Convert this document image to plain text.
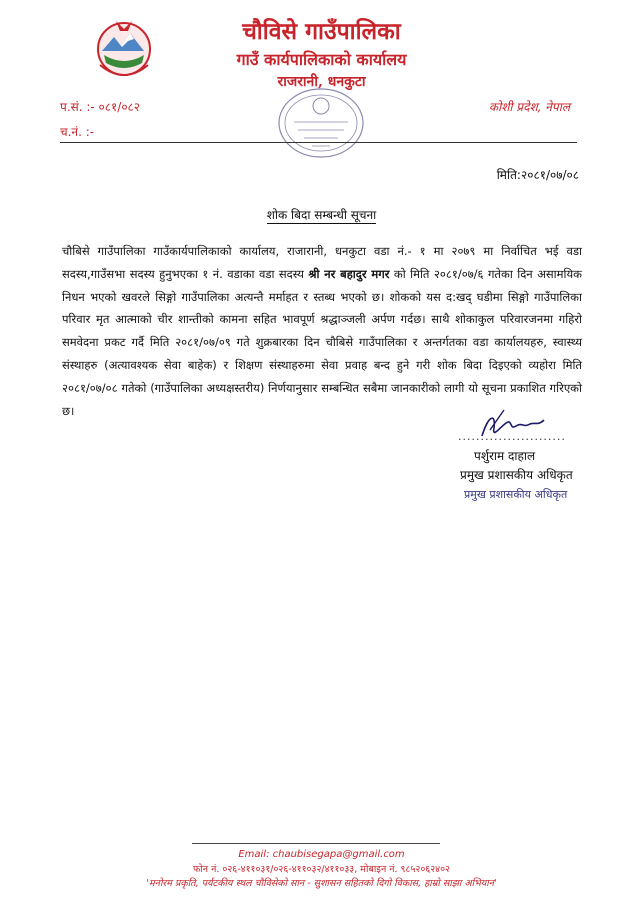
चौविसे गाउँपालिका
गाउँ कार्यपालिकाको कार्यालय
राजरानी, धनकुटा
प.सं. :- ०८१/०८२
च.नं. :-
कोशी प्रदेश, नेपाल
मिति:२०८१/०७/०८
शोक बिदा सम्बन्धी सूचना
चौबिसे गाउँपालिका गाउँकार्यपालिकाको कार्यालय, राजारानी, धनकुटा वडा नं.- १ मा २०७९ मा निर्वाचित भई वडा सदस्य,गाउँसभा सदस्य हुनुभएका १ नं. वडाका वडा सदस्य श्री नर बहादुर मगर को मिति २०८१/०७/६ गतेका दिन असामयिक निधन भएको खवरले सिङ्गो गाउँपालिका अत्यन्तै मर्माहत र स्तब्ध भएको छ। शोकको यस द:खद् घडीमा सिङ्गो गाउँपालिका परिवार मृत आत्माको चीर शान्तीको कामना सहित भावपूर्ण श्रद्धाञ्जली अर्पण गर्दछ। साथै शोकाकुल परिवारजनमा गहिरो समवेदना प्रकट गर्दै मिति २०८१/०७/०९ गते शुक्रबारका दिन चौबिसे गाउँपालिका र अन्तर्गतका वडा कार्यालयहरु, स्वास्थ्य संस्थाहरु (अत्यावश्यक सेवा बाहेक) र शिक्षण संस्थाहरुमा सेवा प्रवाह बन्द हुने गरी शोक बिदा दिइएको व्यहोरा मिति २०८१/०७/०८ गतेको (गाउँपालिका अध्यक्षस्तरीय) निर्णयानुसार सम्बन्धित सबैमा जानकारीको लागी यो सूचना प्रकाशित गरिएको छ।
........................
पर्शुराम दाहाल
प्रमुख प्रशासकीय अधिकृत
प्रमुख प्रशासकीय अधिकृत
Email: chaubisegapa@gmail.com
फोन नं. ०२६-४११०३१/०२६-४११०३२/४११०३३, मोबाइन नं. ९८५२०६२४०२
'मनोरम प्रकृति, पर्यटकीय स्थल चौविसेको सान - सुशासन सहितको दिगो विकास, हाम्रो साझा अभियान'
